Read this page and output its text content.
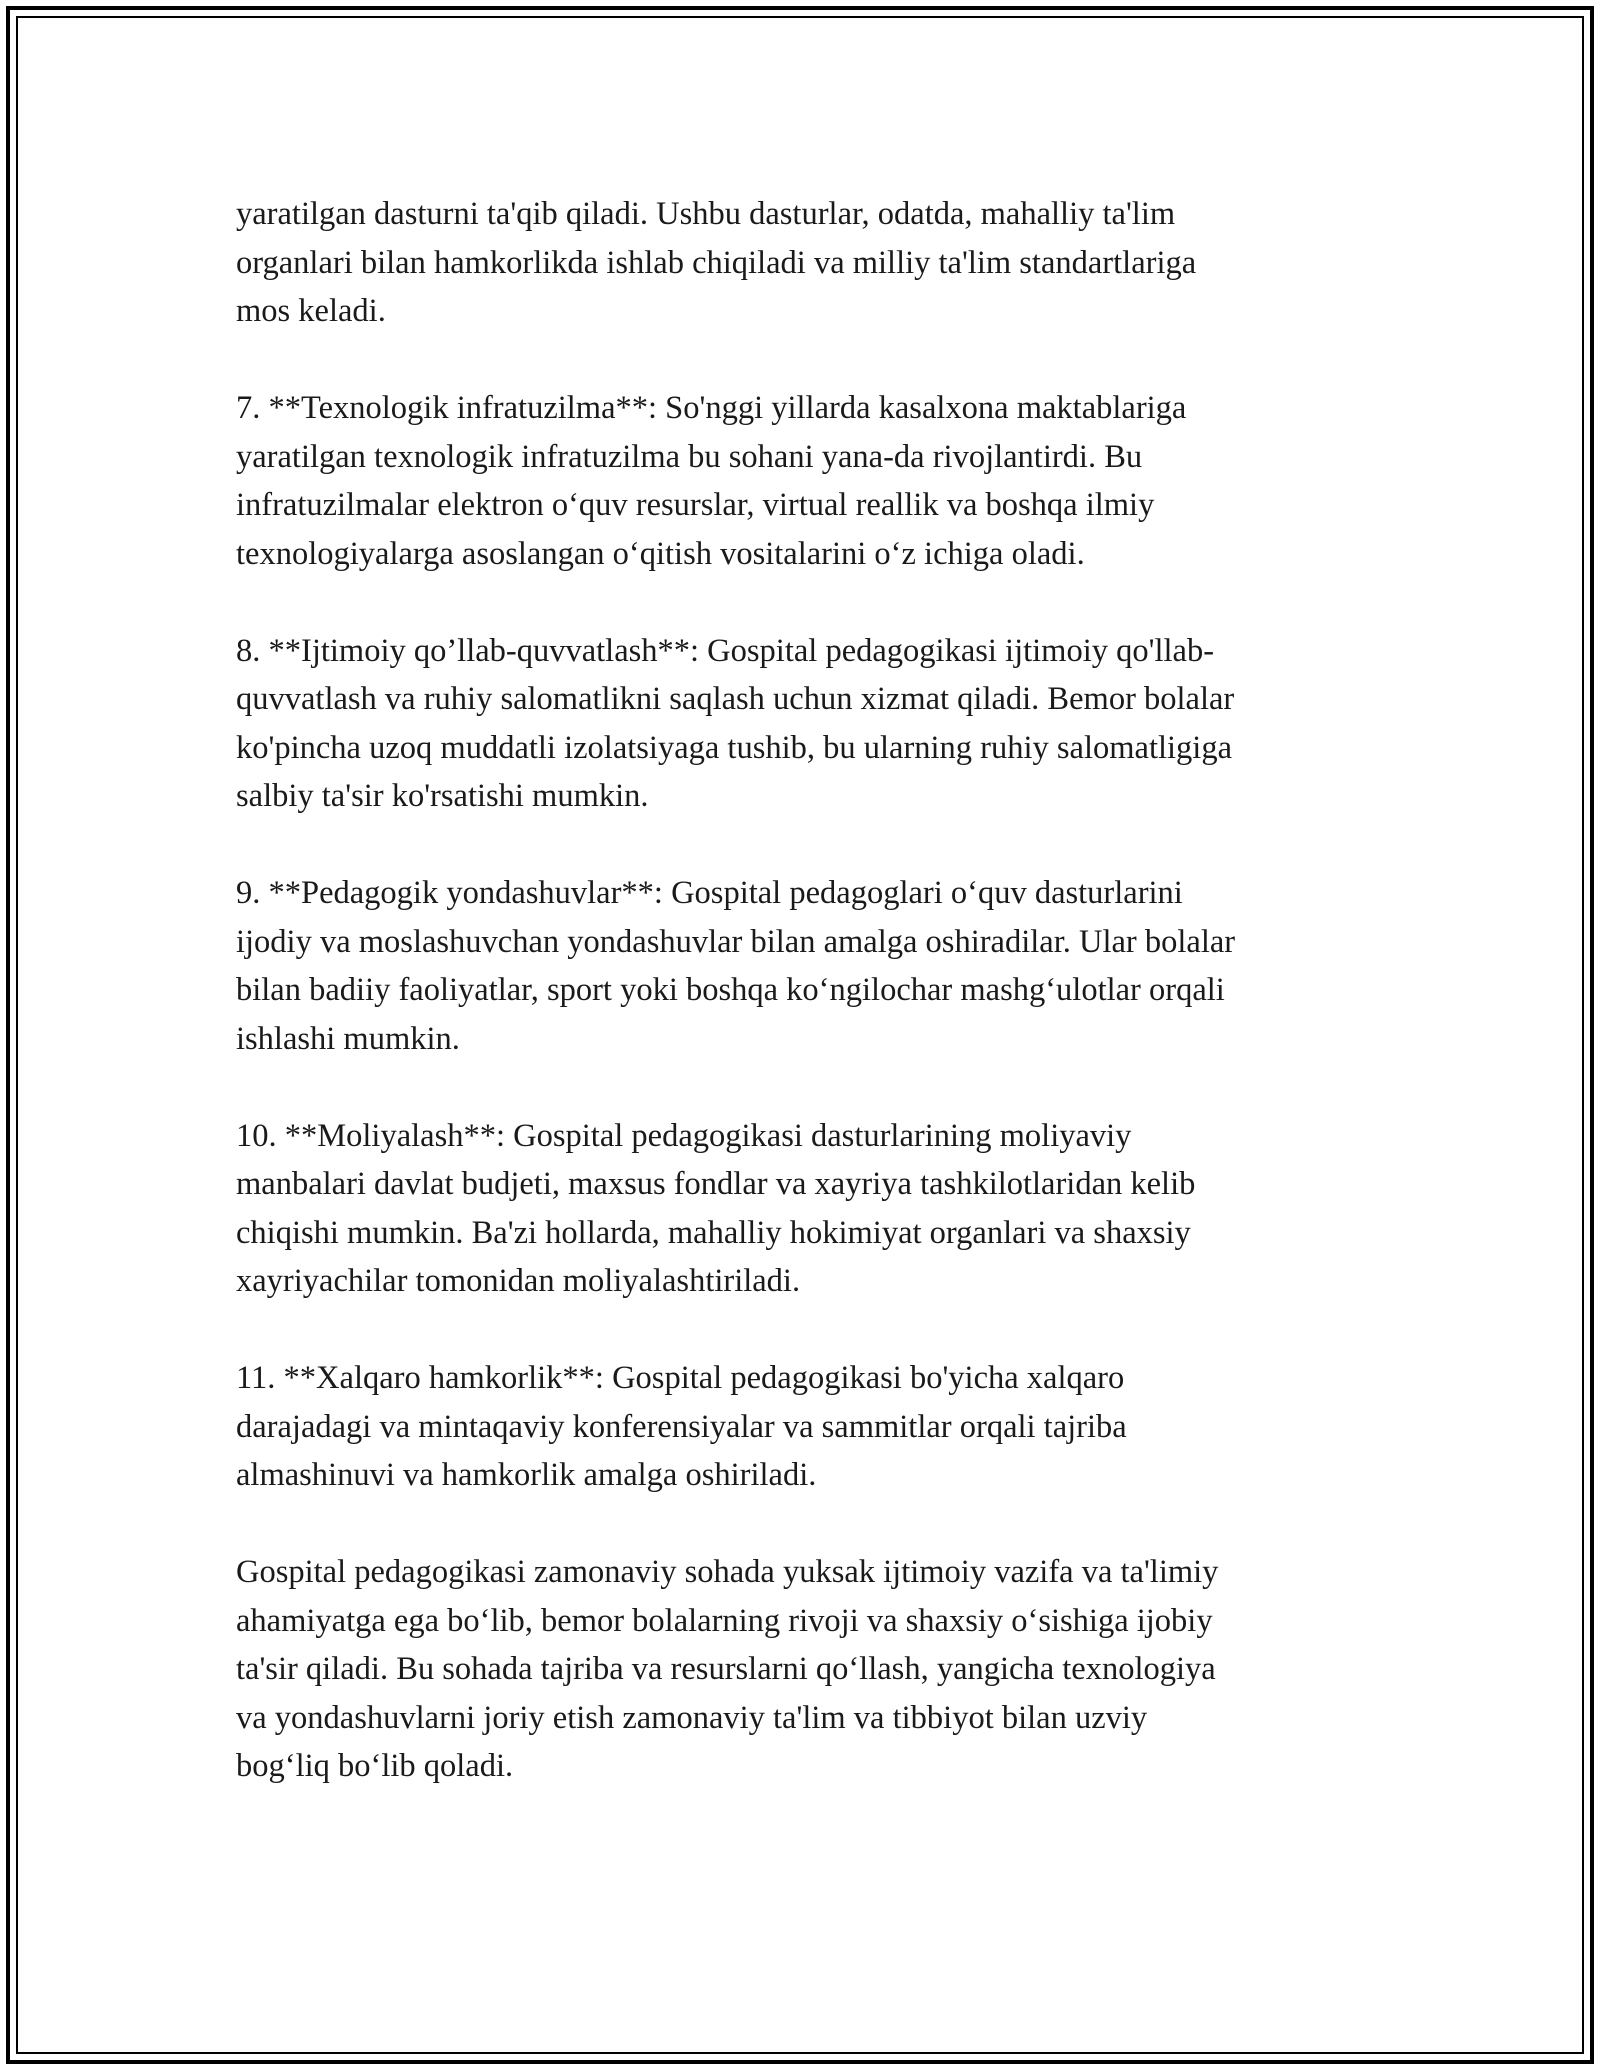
yaratilgan dasturni ta'qib qiladi. Ushbu dasturlar, odatda, mahalliy ta'lim
organlari bilan hamkorlikda ishlab chiqiladi va milliy ta'lim standartlariga
mos keladi.

7. **Texnologik infratuzilma**: So'nggi yillarda kasalxona maktablariga
yaratilgan texnologik infratuzilma bu sohani yana-da rivojlantirdi. Bu
infratuzilmalar elektron o‘quv resurslar, virtual reallik va boshqa ilmiy
texnologiyalarga asoslangan o‘qitish vositalarini o‘z ichiga oladi.

8. **Ijtimoiy qo’llab-quvvatlash**: Gospital pedagogikasi ijtimoiy qo'llab-
quvvatlash va ruhiy salomatlikni saqlash uchun xizmat qiladi. Bemor bolalar
ko'pincha uzoq muddatli izolatsiyaga tushib, bu ularning ruhiy salomatligiga
salbiy ta'sir ko'rsatishi mumkin.

9. **Pedagogik yondashuvlar**: Gospital pedagoglari o‘quv dasturlarini
ijodiy va moslashuvchan yondashuvlar bilan amalga oshiradilar. Ular bolalar
bilan badiiy faoliyatlar, sport yoki boshqa ko‘ngilochar mashg‘ulotlar orqali
ishlashi mumkin.

10. **Moliyalash**: Gospital pedagogikasi dasturlarining moliyaviy
manbalari davlat budjeti, maxsus fondlar va xayriya tashkilotlaridan kelib
chiqishi mumkin. Ba'zi hollarda, mahalliy hokimiyat organlari va shaxsiy
xayriyachilar tomonidan moliyalashtiriladi.

11. **Xalqaro hamkorlik**: Gospital pedagogikasi bo'yicha xalqaro
darajadagi va mintaqaviy konferensiyalar va sammitlar orqali tajriba
almashinuvi va hamkorlik amalga oshiriladi.

Gospital pedagogikasi zamonaviy sohada yuksak ijtimoiy vazifa va ta'limiy
ahamiyatga ega bo‘lib, bemor bolalarning rivoji va shaxsiy o‘sishiga ijobiy
ta'sir qiladi. Bu sohada tajriba va resurslarni qo‘llash, yangicha texnologiya
va yondashuvlarni joriy etish zamonaviy ta'lim va tibbiyot bilan uzviy
bog‘liq bo‘lib qoladi.
